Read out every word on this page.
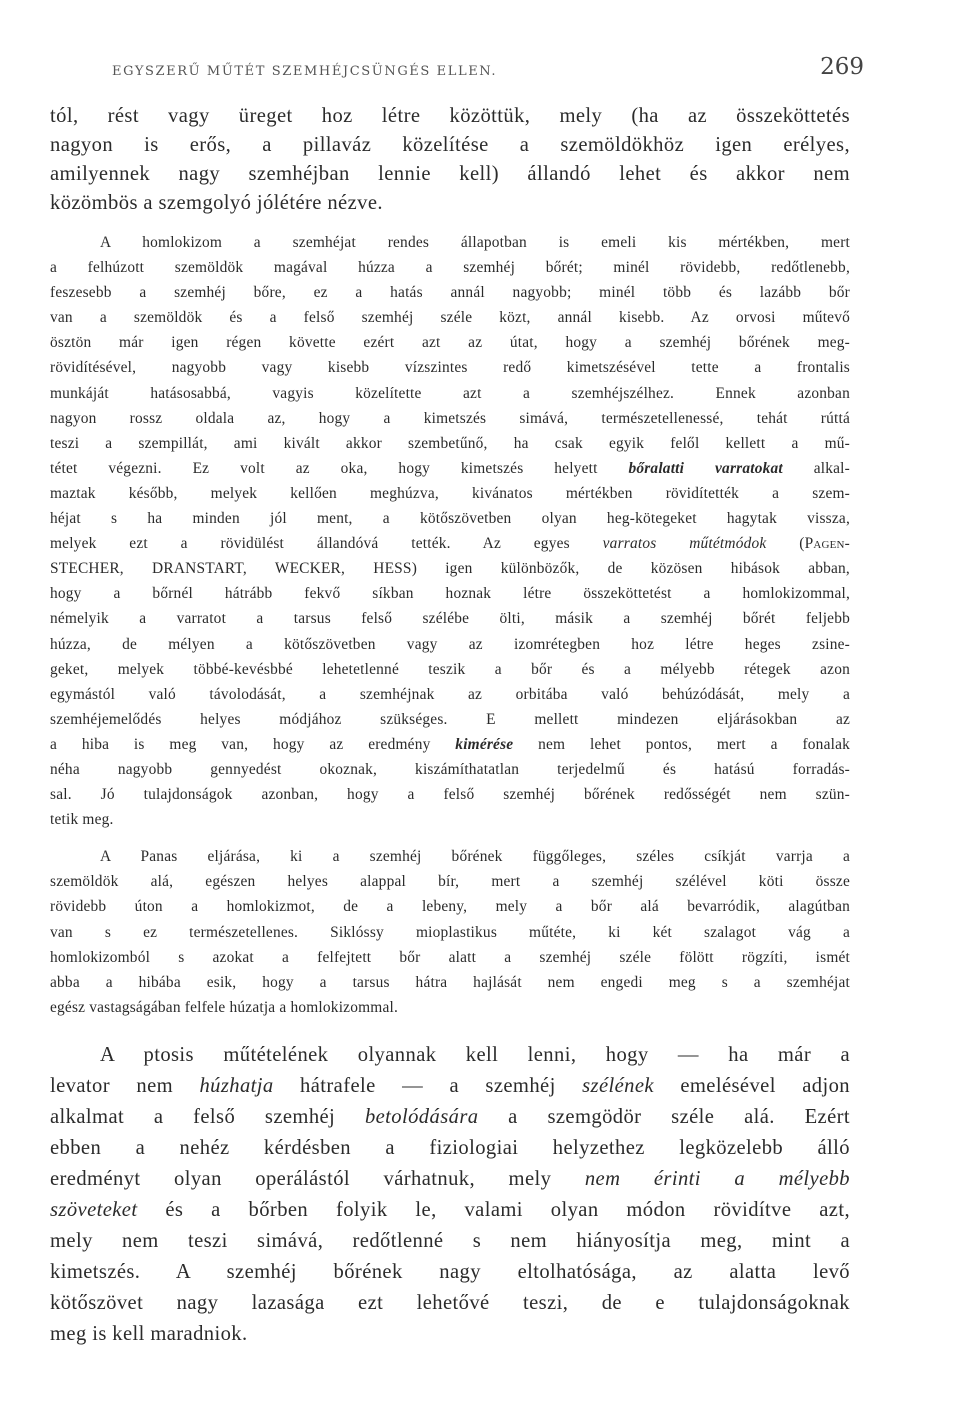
EGYSZERŰ MŰTÉT SZEMHÉJCSÜNGÉS ELLEN.	269

tól, rést vagy üreget hoz létre közöttük, mely (ha az összeköttetés
nagyon is erős, a pillaváz közelítése a szemöldökhöz igen erélyes,
amilyennek nagy szemhéjban lennie kell) állandó lehet és akkor nem
közömbös a szemgolyó jólétére nézve.

A homlokizom a szemhéjat rendes állapotban is emeli kis mértékben, mert
a felhúzott szemöldök magával húzza a szemhéj bőrét; minél rövidebb, redőtlenebb,
feszesebb a szemhéj bőre, ez a hatás annál nagyobb; minél több és lazább bőr
van a szemöldök és a felső szemhéj széle közt, annál kisebb. Az orvosi műtevő
ösztön már igen régen követte ezért azt az útat, hogy a szemhéj bőrének meg-
rövidítésével, nagyobb vagy kisebb vízszintes redő kimetszésével tette a frontalis
munkáját hatásosabbá, vagyis közelítette azt a szemhéjszélhez. Ennek azonban
nagyon rossz oldala az, hogy a kimetszés simává, természetellenessé, tehát rúttá
teszi a szempillát, ami kivált akkor szembetűnő, ha csak egyik felől kellett a mű-
tétet végezni. Ez volt az oka, hogy kimetszés helyett bőralatti varratokat alkal-
maztak később, melyek kellően meghúzva, kivánatos mértékben rövidítették a szem-
héjat s ha minden jól ment, a kötőszövetben olyan heg-kötegeket hagytak vissza,
melyek ezt a rövidülést állandóvá tették. Az egyes varratos műtétmódok (Pagen-
STECHER, DRANSTART, WECKER, HESS) igen különbözők, de közösen hibások abban,
hogy a bőrnél hátrább fekvő síkban hoznak létre összeköttetést a homlokizommal,
némelyik a varratot a tarsus felső szélébe ölti, másik a szemhéj bőrét feljebb
húzza, de mélyen a kötőszövetben vagy az izomrétegben hoz létre heges zsine-
geket, melyek többé-kevésbbé lehetetlenné teszik a bőr és a mélyebb rétegek azon
egymástól való távolodását, a szemhéjnak az orbitába való behúzódását, mely a
szemhéjemelődés helyes módjához szükséges. E mellett mindezen eljárásokban az
a hiba is meg van, hogy az eredmény kimérése nem lehet pontos, mert a fonalak
néha nagyobb gennyedést okoznak, kiszámíthatatlan terjedelmű és hatású forradás-
sal. Jó tulajdonságok azonban, hogy a felső szemhéj bőrének redősségét nem szün-
tetik meg.

A Panas eljárása, ki a szemhéj bőrének függőleges, széles csíkját varrja a
szemöldök alá, egészen helyes alappal bír, mert a szemhéj szélével köti össze
rövidebb úton a homlokizmot, de a lebeny, mely a bőr alá bevarródik, alagútban
van s ez természetellenes. Siklóssy mioplastikus műtéte, ki két szalagot vág a
homlokizomból s azokat a felfejtett bőr alatt a szemhéj széle fölött rögzíti, ismét
abba a hibába esik, hogy a tarsus hátra hajlását nem engedi meg s a szemhéjat
egész vastagságában felfele húzatja a homlokizommal.

A ptosis műtételének olyannak kell lenni, hogy — ha már a
levator nem húzhatja hátrafele — a szemhéj szélének emelésével adjon
alkalmat a felső szemhéj betolódására a szemgödör széle alá. Ezért
ebben a nehéz kérdésben a fiziologiai helyzethez legközelebb álló
eredményt olyan operálástól várhatnuk, mely nem érinti a mélyebb
szöveteket és a bőrben folyik le, valami olyan módon rövidítve azt,
mely nem teszi simává, redőtlenné s nem hiányosítja meg, mint a
kimetszés. A szemhéj bőrének nagy eltolhatósága, az alatta levő
kötőszövet nagy lazasága ezt lehetővé teszi, de e tulajdonságoknak
meg is kell maradniok.
